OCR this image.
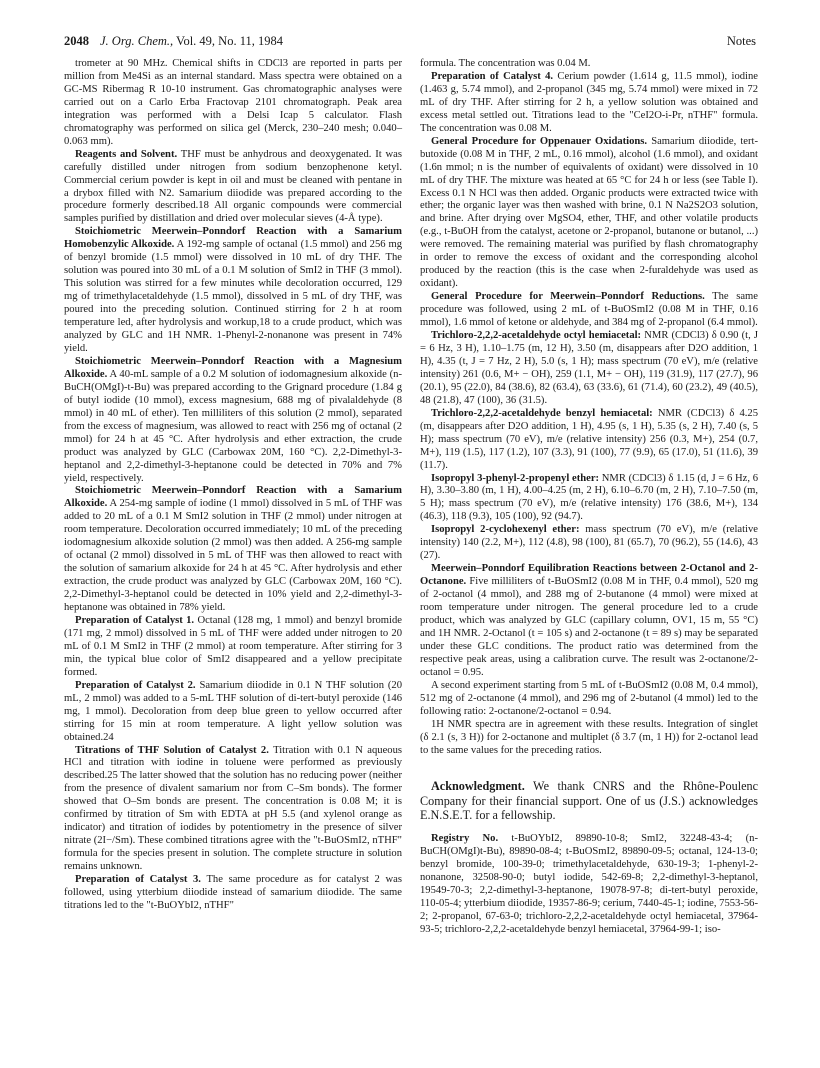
2048 J. Org. Chem., Vol. 49, No. 11, 1984	Notes

trometer at 90 MHz. Chemical shifts in CDCl3 are reported in parts per million from Me4Si as an internal standard. Mass spectra were obtained on a GC-MS Ribermag R 10-10 instrument. Gas chromatographic analyses were carried out on a Carlo Erba Fractovap 2101 chromatograph. Peak area integration was performed with a Delsi Icap 5 calculator. Flash chromatography was performed on silica gel (Merck, 230–240 mesh; 0.040–0.063 mm).

Reagents and Solvent. THF must be anhydrous and deoxygenated. It was carefully distilled under nitrogen from sodium benzophenone ketyl. Commercial cerium powder is kept in oil and must be cleaned with pentane in a drybox filled with N2. Samarium diiodide was prepared according to the procedure formerly described.18 All organic compounds were commercial samples purified by distillation and dried over molecular sieves (4-Å type).

Stoichiometric Meerwein–Ponndorf Reaction with a Samarium Homobenzylic Alkoxide. A 192-mg sample of octanal (1.5 mmol) and 256 mg of benzyl bromide (1.5 mmol) were dissolved in 10 mL of dry THF. The solution was poured into 30 mL of a 0.1 M solution of SmI2 in THF (3 mmol). This solution was stirred for a few minutes while decoloration occurred, 129 mg of trimethylacetaldehyde (1.5 mmol), dissolved in 5 mL of dry THF, was poured into the preceding solution. Continued stirring for 2 h at room temperature led, after hydrolysis and workup,18 to a crude product, which was analyzed by GLC and 1H NMR. 1-Phenyl-2-nonanone was present in 74% yield.

Stoichiometric Meerwein–Ponndorf Reaction with a Magnesium Alkoxide. A 40-mL sample of a 0.2 M solution of iodomagnesium alkoxide (n-BuCH(OMgI)-t-Bu) was prepared according to the Grignard procedure (1.84 g of butyl iodide (10 mmol), excess magnesium, 688 mg of pivalaldehyde (8 mmol) in 40 mL of ether). Ten milliliters of this solution (2 mmol), separated from the excess of magnesium, was allowed to react with 256 mg of octanal (2 mmol) for 24 h at 45 °C. After hydrolysis and ether extraction, the crude product was analyzed by GLC (Carbowax 20M, 160 °C). 2,2-Dimethyl-3-heptanol and 2,2-dimethyl-3-heptanone could be detected in 70% and 7% yield, respectively.

Stoichiometric Meerwein–Ponndorf Reaction with a Samarium Alkoxide. A 254-mg sample of iodine (1 mmol) dissolved in 5 mL of THF was added to 20 mL of a 0.1 M SmI2 solution in THF (2 mmol) under nitrogen at room temperature. Decoloration occurred immediately; 10 mL of the preceding iodomagnesium alkoxide solution (2 mmol) was then added. A 256-mg sample of octanal (2 mmol) dissolved in 5 mL of THF was then allowed to react with the solution of samarium alkoxide for 24 h at 45 °C. After hydrolysis and ether extraction, the crude product was analyzed by GLC (Carbowax 20M, 160 °C). 2,2-Dimethyl-3-heptanol could be detected in 10% yield and 2,2-dimethyl-3-heptanone was obtained in 78% yield.

Preparation of Catalyst 1. Octanal (128 mg, 1 mmol) and benzyl bromide (171 mg, 2 mmol) dissolved in 5 mL of THF were added under nitrogen to 20 mL of 0.1 M SmI2 in THF (2 mmol) at room temperature. After stirring for 3 min, the typical blue color of SmI2 disappeared and a yellow precipitate formed.

Preparation of Catalyst 2. Samarium diiodide in 0.1 N THF solution (20 mL, 2 mmol) was added to a 5-mL THF solution of di-tert-butyl peroxide (146 mg, 1 mmol). Decoloration from deep blue green to yellow occurred after stirring for 15 min at room temperature. A light yellow solution was obtained.24

Titrations of THF Solution of Catalyst 2. Titration with 0.1 N aqueous HCl and titration with iodine in toluene were performed as previously described.25 The latter showed that the solution has no reducing power (neither from the presence of divalent samarium nor from C–Sm bonds). The former showed that O–Sm bonds are present. The concentration is 0.08 M; it is confirmed by titration of Sm with EDTA at pH 5.5 (and xylenol orange as indicator) and titration of iodides by potentiometry in the presence of silver nitrate (2I−/Sm). These combined titrations agree with the "t-BuOSmI2, nTHF" formula for the species present in solution. The complete structure in solution remains unknown.

Preparation of Catalyst 3. The same procedure as for catalyst 2 was followed, using ytterbium diiodide instead of samarium diiodide. The same titrations led to the "t-BuOYbI2, nTHF"

formula. The concentration was 0.04 M.

Preparation of Catalyst 4. Cerium powder (1.614 g, 11.5 mmol), iodine (1.463 g, 5.74 mmol), and 2-propanol (345 mg, 5.74 mmol) were mixed in 72 mL of dry THF. After stirring for 2 h, a yellow solution was obtained and excess metal settled out. Titrations lead to the "CeI2O-i-Pr, nTHF" formula. The concentration was 0.08 M.

General Procedure for Oppenauer Oxidations. Samarium diiodide, tert-butoxide (0.08 M in THF, 2 mL, 0.16 mmol), alcohol (1.6 mmol), and oxidant (1.6n mmol; n is the number of equivalents of oxidant) were dissolved in 10 mL of dry THF. The mixture was heated at 65 °C for 24 h or less (see Table I). Excess 0.1 N HCl was then added. Organic products were extracted twice with ether; the organic layer was then washed with brine, 0.1 N Na2S2O3 solution, and brine. After drying over MgSO4, ether, THF, and other volatile products (e.g., t-BuOH from the catalyst, acetone or 2-propanol, butanone or butanol, ...) were removed. The remaining material was purified by flash chromatography in order to remove the excess of oxidant and the corresponding alcohol produced by the reaction (this is the case when 2-furaldehyde was used as oxidant).

General Procedure for Meerwein–Ponndorf Reductions. The same procedure was followed, using 2 mL of t-BuOSmI2 (0.08 M in THF, 0.16 mmol), 1.6 mmol of ketone or aldehyde, and 384 mg of 2-propanol (6.4 mmol).

Trichloro-2,2,2-acetaldehyde octyl hemiacetal: NMR (CDCl3) δ 0.90 (t, J = 6 Hz, 3 H), 1.10–1.75 (m, 12 H), 3.50 (m, disappears after D2O addition, 1 H), 4.35 (t, J = 7 Hz, 2 H), 5.0 (s, 1 H); mass spectrum (70 eV), m/e (relative intensity) 261 (0.6, M+ − OH), 259 (1.1, M+ − OH), 119 (31.9), 117 (27.7), 96 (20.1), 95 (22.0), 84 (38.6), 82 (63.4), 63 (33.6), 61 (71.4), 60 (23.2), 49 (40.5), 48 (21.8), 47 (100), 36 (31.5).

Trichloro-2,2,2-acetaldehyde benzyl hemiacetal: NMR (CDCl3) δ 4.25 (m, disappears after D2O addition, 1 H), 4.95 (s, 1 H), 5.35 (s, 2 H), 7.40 (s, 5 H); mass spectrum (70 eV), m/e (relative intensity) 256 (0.3, M+), 254 (0.7, M+), 119 (1.5), 117 (1.2), 107 (3.3), 91 (100), 77 (9.9), 65 (17.0), 51 (11.6), 39 (11.7).

Isopropyl 3-phenyl-2-propenyl ether: NMR (CDCl3) δ 1.15 (d, J = 6 Hz, 6 H), 3.30–3.80 (m, 1 H), 4.00–4.25 (m, 2 H), 6.10–6.70 (m, 2 H), 7.10–7.50 (m, 5 H); mass spectrum (70 eV), m/e (relative intensity) 176 (38.6, M+), 134 (46.3), 118 (9.3), 105 (100), 92 (94.7).

Isopropyl 2-cyclohexenyl ether: mass spectrum (70 eV), m/e (relative intensity) 140 (2.2, M+), 112 (4.8), 98 (100), 81 (65.7), 70 (96.2), 55 (14.6), 43 (27).

Meerwein–Ponndorf Equilibration Reactions between 2-Octanol and 2-Octanone. Five milliliters of t-BuOSmI2 (0.08 M in THF, 0.4 mmol), 520 mg of 2-octanol (4 mmol), and 288 mg of 2-butanone (4 mmol) were mixed at room temperature under nitrogen. The general procedure led to a crude product, which was analyzed by GLC (capillary column, OV1, 15 m, 55 °C) and 1H NMR. 2-Octanol (t = 105 s) and 2-octanone (t = 89 s) may be separated under these GLC conditions. The product ratio was determined from the respective peak areas, using a calibration curve. The result was 2-octanone/2-octanol = 0.95.

A second experiment starting from 5 mL of t-BuOSmI2 (0.08 M, 0.4 mmol), 512 mg of 2-octanone (4 mmol), and 296 mg of 2-butanol (4 mmol) led to the following ratio: 2-octanone/2-octanol = 0.94.

1H NMR spectra are in agreement with these results. Integration of singlet (δ 2.1 (s, 3 H)) for 2-octanone and multiplet (δ 3.7 (m, 1 H)) for 2-octanol lead to the same values for the preceding ratios.

Acknowledgment. We thank CNRS and the Rhône-Poulenc Company for their financial support. One of us (J.S.) acknowledges E.N.S.E.T. for a fellowship.

Registry No. t-BuOYbI2, 89890-10-8; SmI2, 32248-43-4; (n-BuCH(OMgI)t-Bu), 89890-08-4; t-BuOSmI2, 89890-09-5; octanal, 124-13-0; benzyl bromide, 100-39-0; trimethylacetaldehyde, 630-19-3; 1-phenyl-2-nonanone, 32508-90-0; butyl iodide, 542-69-8; 2,2-dimethyl-3-heptanol, 19549-70-3; 2,2-dimethyl-3-heptanone, 19078-97-8; di-tert-butyl peroxide, 110-05-4; ytterbium diiodide, 19357-86-9; cerium, 7440-45-1; iodine, 7553-56-2; 2-propanol, 67-63-0; trichloro-2,2,2-acetaldehyde octyl hemiacetal, 37964-93-5; trichloro-2,2,2-acetaldehyde benzyl hemiacetal, 37964-99-1; iso-
